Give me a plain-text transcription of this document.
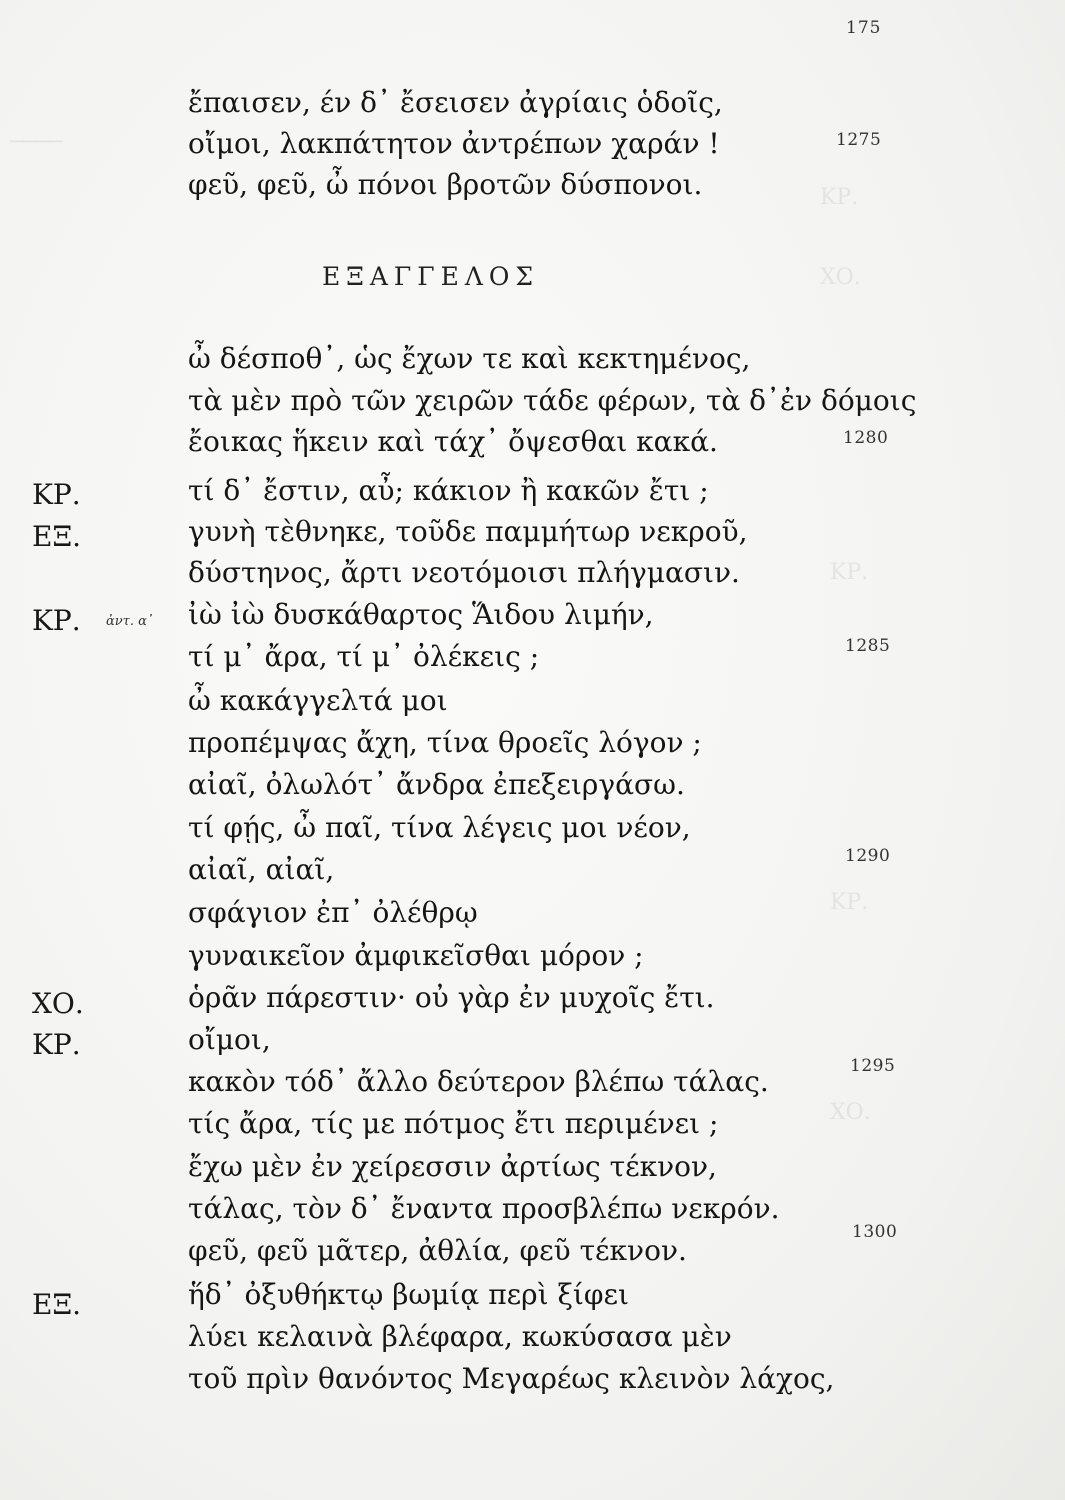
────
ΚΡ.
ΧΟ.
ΚΡ.
ΚΡ.
ΧΟ.
175
ἔπαισεν, έν δ᾽ ἔσεισεν ἀγρίαις ὁδοῖς,
οἴμοι, λακπάτητον ἀντρέπων χαράν !	1275
φεῦ, φεῦ, ὦ πόνοι βροτῶν δύσπονοι.
ΕΞΑΓΓΕΛΟΣ
ὦ δέσποθ᾽, ὡς ἔχων τε καὶ κεκτημένος,
τὰ μὲν πρὸ τῶν χειρῶν τάδε φέρων, τὰ δ᾽ἐν δόμοις
ἔοικας ἥκειν καὶ τάχ᾽ ὄψεσθαι κακά.	1280
ΚΡ.	τί δ᾽ ἔστιν, αὖ; κάκιον ἢ κακῶν ἔτι ;
ΕΞ.	γυνὴ τὲθνηκε, τοῦδε παμμήτωρ νεκροῦ,
δύστηνος, ἄρτι νεοτόμοισι πλήγμασιν.
ΚΡ. ἀντ. α᾽ ἰὼ ἰὼ δυσκάθαρτος Ἅιδου λιμήν,
τί μ᾽ ἄρα, τί μ᾽ ὀλέκεις ;	1285
ὦ κακάγγελτά μοι
προπέμψας ἄχη, τίνα θροεῖς λόγον ;
αἰαῖ, ὀλωλότ᾽ ἄνδρα ἐπεξειργάσω.
τί φῄς, ὦ παῖ, τίνα λέγεις μοι νέον,
1290
αἰαῖ, αἰαῖ,
σφάγιον ἐπ᾽ ὀλέθρῳ
γυναικεῖον ἀμφικεῖσθαι μόρον ;
ΧΟ.	ὁρᾶν πάρεστιν· οὐ γὰρ ἐν μυχοῖς ἔτι.
ΚΡ.	οἴμοι,
1295
κακὸν τόδ᾽ ἄλλο δεύτερον βλέπω τάλας.
τίς ἄρα, τίς με πότμος ἔτι περιμένει ;
ἔχω μὲν ἐν χείρεσσιν ἀρτίως τέκνον,
τάλας, τὸν δ᾽ ἔναντα προσβλέπω νεκρόν.
1300
φεῦ, φεῦ μᾶτερ, ἀθλία, φεῦ τέκνον.
ΕΞ.	ἥδ᾽ ὀξυθήκτῳ βωμίᾳ περὶ ξίφει
λύει κελαινὰ βλέφαρα, κωκύσασα μὲν
τοῦ πρὶν θανόντος Μεγαρέως κλεινὸν λάχος,
